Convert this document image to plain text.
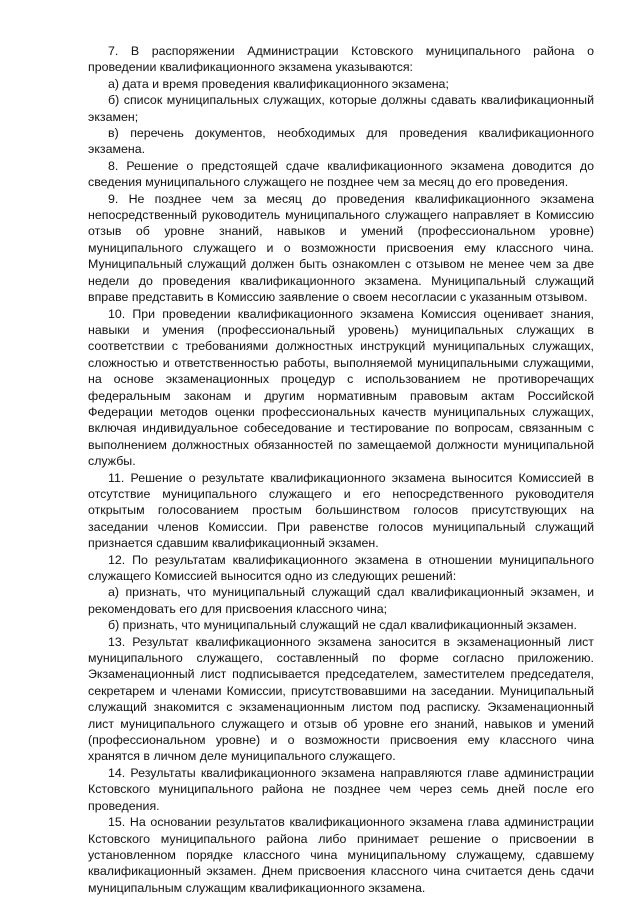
7. В распоряжении Администрации Кстовского муниципального района о проведении квалификационного экзамена указываются:

а) дата и время проведения квалификационного экзамена;

б) список муниципальных служащих, которые должны сдавать квалификационный экзамен;

в) перечень документов, необходимых для проведения квалификационного экзамена.

8. Решение о предстоящей сдаче квалификационного экзамена доводится до сведения муниципального служащего не позднее чем за месяц до его проведения.

9. Не позднее чем за месяц до проведения квалификационного экзамена непосредственный руководитель муниципального служащего направляет в Комиссию отзыв об уровне знаний, навыков и умений (профессиональном уровне) муниципального служащего и о возможности присвоения ему классного чина. Муниципальный служащий должен быть ознакомлен с отзывом не менее чем за две недели до проведения квалификационного экзамена. Муниципальный служащий вправе представить в Комиссию заявление о своем несогласии с указанным отзывом.

10. При проведении квалификационного экзамена Комиссия оценивает знания, навыки и умения (профессиональный уровень) муниципальных служащих в соответствии с требованиями должностных инструкций муниципальных служащих, сложностью и ответственностью работы, выполняемой муниципальными служащими, на основе экзаменационных процедур с использованием не противоречащих федеральным законам и другим нормативным правовым актам Российской Федерации методов оценки профессиональных качеств муниципальных служащих, включая индивидуальное собеседование и тестирование по вопросам, связанным с выполнением должностных обязанностей по замещаемой должности муниципальной службы.

11. Решение о результате квалификационного экзамена выносится Комиссией в отсутствие муниципального служащего и его непосредственного руководителя открытым голосованием простым большинством голосов присутствующих на заседании членов Комиссии. При равенстве голосов муниципальный служащий признается сдавшим квалификационный экзамен.

12. По результатам квалификационного экзамена в отношении муниципального служащего Комиссией выносится одно из следующих решений:

а) признать, что муниципальный служащий сдал квалификационный экзамен, и рекомендовать его для присвоения классного чина;

б) признать, что муниципальный служащий не сдал квалификационный экзамен.

13. Результат квалификационного экзамена заносится в экзаменационный лист муниципального служащего, составленный по форме согласно приложению. Экзаменационный лист подписывается председателем, заместителем председателя, секретарем и членами Комиссии, присутствовавшими на заседании. Муниципальный служащий знакомится с экзаменационным листом под расписку. Экзаменационный лист муниципального служащего и отзыв об уровне его знаний, навыков и умений (профессиональном уровне) и о возможности присвоения ему классного чина хранятся в личном деле муниципального служащего.

14. Результаты квалификационного экзамена направляются главе администрации Кстовского муниципального района не позднее чем через семь дней после его проведения.

15. На основании результатов квалификационного экзамена глава администрации Кстовского муниципального района либо принимает решение о присвоении в установленном порядке классного чина муниципальному служащему, сдавшему квалификационный экзамен. Днем присвоения классного чина считается день сдачи муниципальным служащим квалификационного экзамена.
